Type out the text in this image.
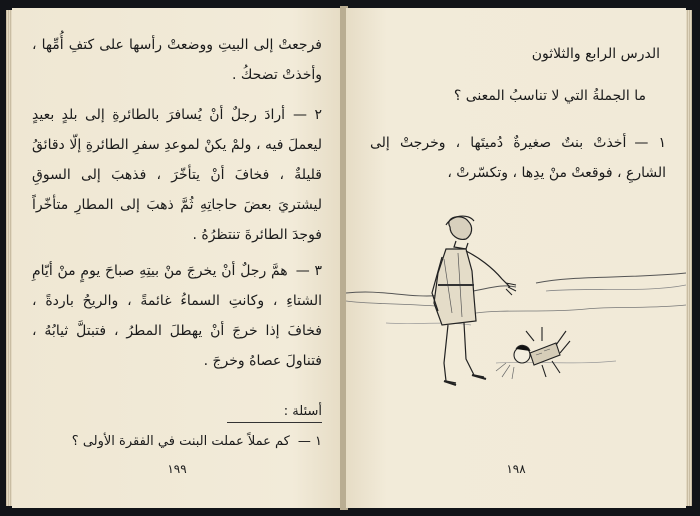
فرجعتْ إلى البيتِ ووضعتْ رأسها على كتفِ أُمِّها ، وأخذتْ تضحكُ .
٢ —أرادَ رجلٌ أنْ يُسافرَ بالطائرةِ إلى بلدٍ بعيدٍ ليعملَ فيه ، ولمْ يكنْ لموعدِ سفرِ الطائرةِ إلّا دقائقُ قليلةٌ ، فخافَ أنْ يتأخّرَ ، فذهبَ إلى السوقِ ليشتريَ بعضَ حاجاتِهِ ثُمَّ ذهبَ إلى المطارِ متأخّراً فوجدَ الطائرةَ تنتظرُهُ .
٣ —همَّ رجلٌ أنْ يخرجَ منْ بيتِهِ صباحَ يومٍ منْ أيّامِ الشتاءِ ، وكانتِ السماءُ غائمةً ، والريحُ باردةً ، فخافَ إذا خرجَ أنْ يهطلَ المطرُ ، فتبتلَّ ثيابُهُ ، فتناولَ عصاهُ وخرجَ .
أسئلة :
١ —كم عملاً عملت البنت في الفقرة الأولى ؟
١٩٩
الدرس الرابع والثلاثون
ما الجملةُ التي لا تناسبُ المعنى ؟
١ —أخذتْ بنتٌ صغيرةٌ دُميتَها ، وخرجتْ إلى الشارعِ ، فوقعتْ منْ يدِها ، وتكسّرتْ ،
١٩٨
